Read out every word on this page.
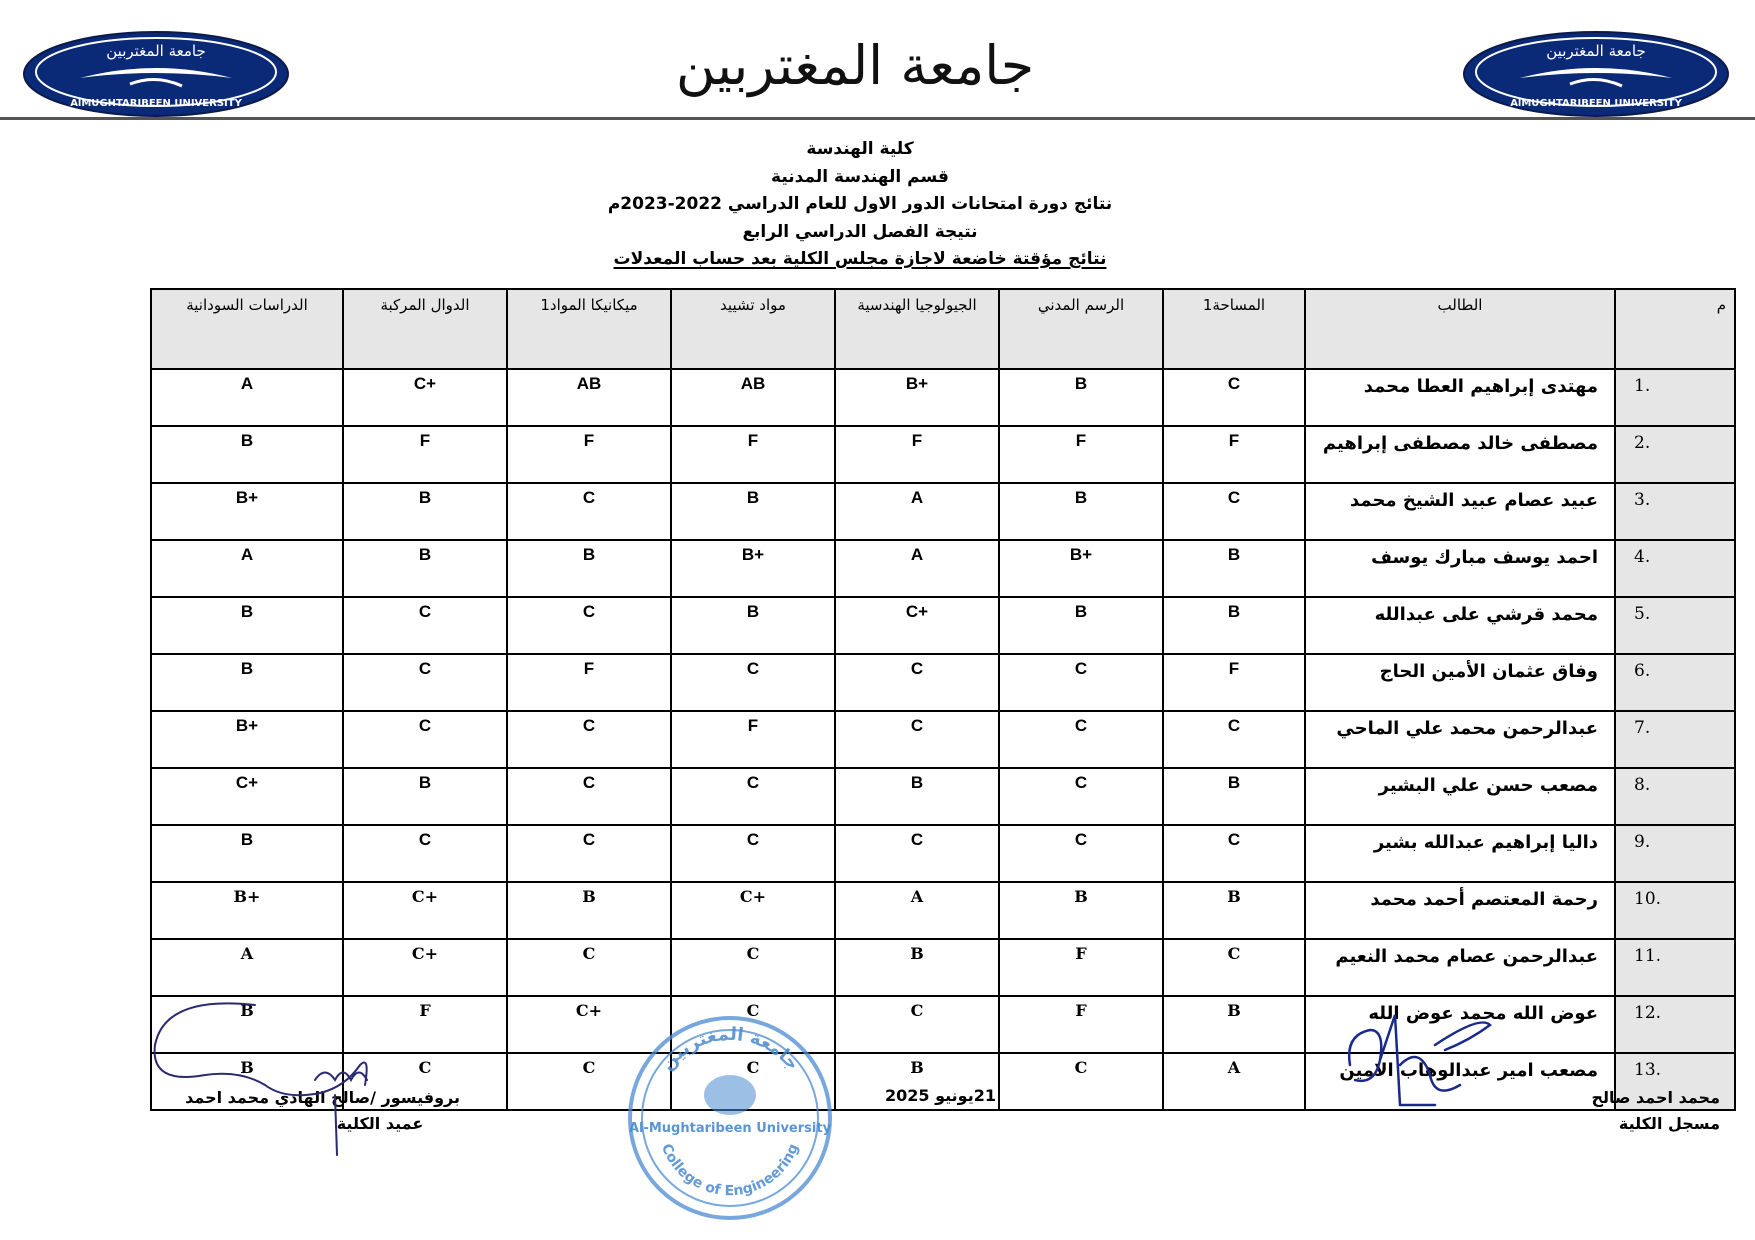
جامعة المغتربين
AlMUGHTARIBEEN UNIVERSITY
جامعة المغتربين	جامعة المغتربين
AlMUGHTARIBEEN UNIVERSITY
كلية الهندسة
قسم الهندسة المدنية
نتائج دورة امتحانات الدور الاول للعام الدراسي 2022-2023م
نتيجة الفصل الدراسي الرابع
نتائج مؤقتة خاضعة لاجازة مجلس الكلية بعد حساب المعدلات
م	الطالب	المساحة1	الرسم المدني	الجيولوجيا الهندسية	مواد تشييد	ميكانيكا المواد1	الدوال المركبة	الدراسات السودانية
1.	مهتدى إبراهيم العطا محمد	C	B	B+	AB	AB	C+	A
2.	مصطفى خالد مصطفى إبراهيم	F	F	F	F	F	F	B
3.	عبيد عصام عبيد الشيخ محمد	C	B	A	B	C	B	B+
4.	احمد يوسف مبارك يوسف	B	B+	A	B+	B	B	A
5.	محمد قرشي على عبدالله	B	B	C+	B	C	C	B
6.	وفاق عثمان الأمين الحاج	F	C	C	C	F	C	B
7.	عبدالرحمن محمد علي الماحي	C	C	C	F	C	C	B+
8.	مصعب حسن علي البشير	B	C	B	C	C	B	C+
9.	داليا إبراهيم عبدالله بشير	C	C	C	C	C	C	B
10.	رحمة المعتصم أحمد محمد	B	B	A	C+	B	C+	B+
11.	عبدالرحمن عصام محمد النعيم	C	F	B	C	C	C+	A
12.	عوض الله محمد عوض الله	B	F	C	C	C+	F	B
13.	مصعب امير عبدالوهاب الامين	A	C	B	C	C	C	B
محمد احمد صالح
مسجل الكلية
21يونيو 2025
بروفيسور /صالح الهادي محمد احمد
عميد الكلية
جامعة المغتربين
Al-Mughtaribeen University
College of Engineering
